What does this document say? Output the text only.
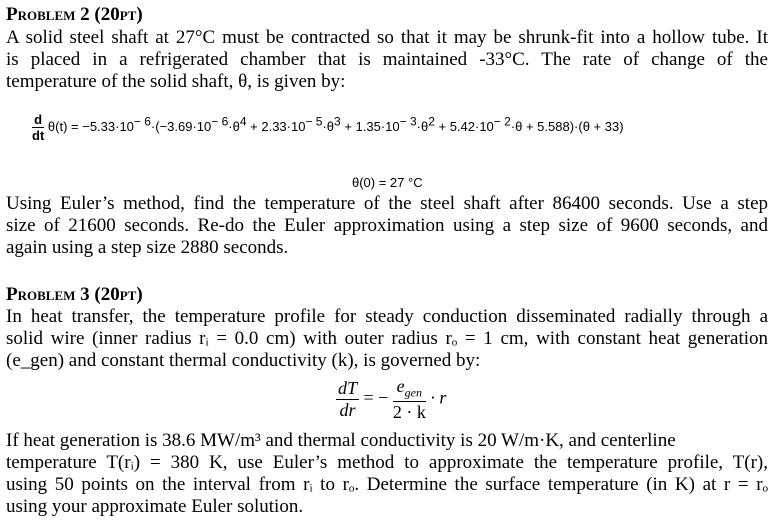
Problem 2 (20pt)
A solid steel shaft at 27°C must be contracted so that it may be shrunk-fit into a hollow tube. It
is placed in a refrigerated chamber that is maintained -33°C. The rate of change of the
temperature of the solid shaft, θ, is given by:
$\frac{d}{dt} \theta(t) = -5.33\cdot 10^{- 6}\cdot(-3.69\cdot 10^{- 6}\cdot\theta^4 + 2.33\cdot 10^{- 5}\cdot\theta^3 + 1.35\cdot 10^{- 3}\cdot\theta^2 + 5.42\cdot 10^{- 2}\cdot\theta + 5.588)\cdot(\theta + 33)$
θ(0) = 27 °C
Using Euler’s method, find the temperature of the steel shaft after 86400 seconds. Use a step
size of 21600 seconds. Re-do the Euler approximation using a step size of 9600 seconds, and
again using a step size 2880 seconds.
Problem 3 (20pt)
In heat transfer, the temperature profile for steady conduction disseminated radially through a
solid wire (inner radius rᵢ = 0.0 cm) with outer radius rₒ = 1 cm, with constant heat generation
(e_gen) and constant thermal conductivity (k), is governed by:
$\frac{dT}{dr}$ = − $\frac{e_{gen}}{2 \cdot k} \cdot r$
If heat generation is 38.6 MW/m³ and thermal conductivity is 20 W/m·K, and centerline
temperature T(rᵢ) = 380 K, use Euler’s method to approximate the temperature profile, T(r),
using 50 points on the interval from rᵢ to rₒ. Determine the surface temperature (in K) at r = rₒ
using your approximate Euler solution.
